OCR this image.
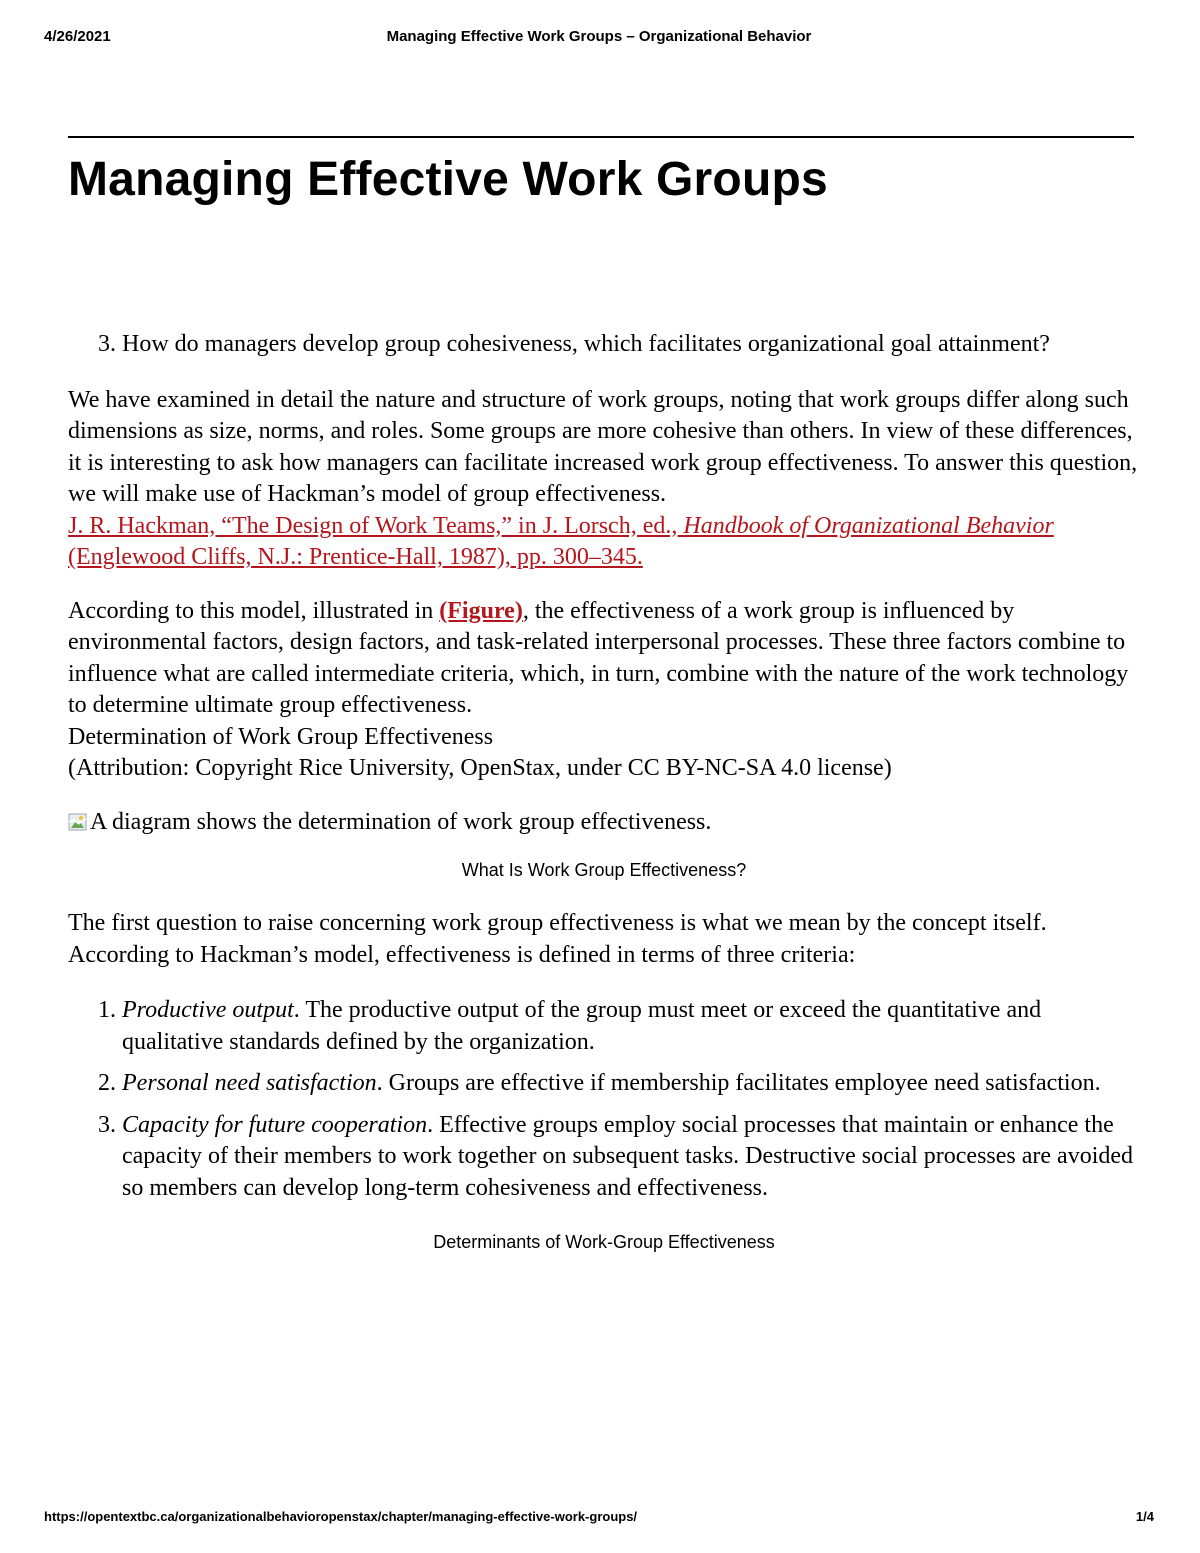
4/26/2021	Managing Effective Work Groups – Organizational Behavior
Managing Effective Work Groups
3. How do managers develop group cohesiveness, which facilitates organizational goal attainment?

We have examined in detail the nature and structure of work groups, noting that work groups differ along such dimensions as size, norms, and roles. Some groups are more cohesive than others. In view of these differences, it is interesting to ask how managers can facilitate increased work group effectiveness. To answer this question, we will make use of Hackman’s model of group effectiveness.

J. R. Hackman, “The Design of Work Teams,” in J. Lorsch, ed., Handbook of Organizational Behavior (Englewood Cliffs, N.J.: Prentice-Hall, 1987), pp. 300–345.

According to this model, illustrated in (Figure), the effectiveness of a work group is influenced by environmental factors, design factors, and task-related interpersonal processes. These three factors combine to influence what are called intermediate criteria, which, in turn, combine with the nature of the work technology to determine ultimate group effectiveness.

Determination of Work Group Effectiveness

(Attribution: Copyright Rice University, OpenStax, under CC BY-NC-SA 4.0 license)

A diagram shows the determination of work group effectiveness.

What Is Work Group Effectiveness?

The first question to raise concerning work group effectiveness is what we mean by the concept itself. According to Hackman’s model, effectiveness is defined in terms of three criteria:

1. Productive output. The productive output of the group must meet or exceed the quantitative and qualitative standards defined by the organization.
2. Personal need satisfaction. Groups are effective if membership facilitates employee need satisfaction.
3. Capacity for future cooperation. Effective groups employ social processes that maintain or enhance the capacity of their members to work together on subsequent tasks. Destructive social processes are avoided so members can develop long-term cohesiveness and effectiveness.
Determinants of Work-Group Effectiveness
https://opentextbc.ca/organizationalbehavioropenstax/chapter/managing-effective-work-groups/	1/4
